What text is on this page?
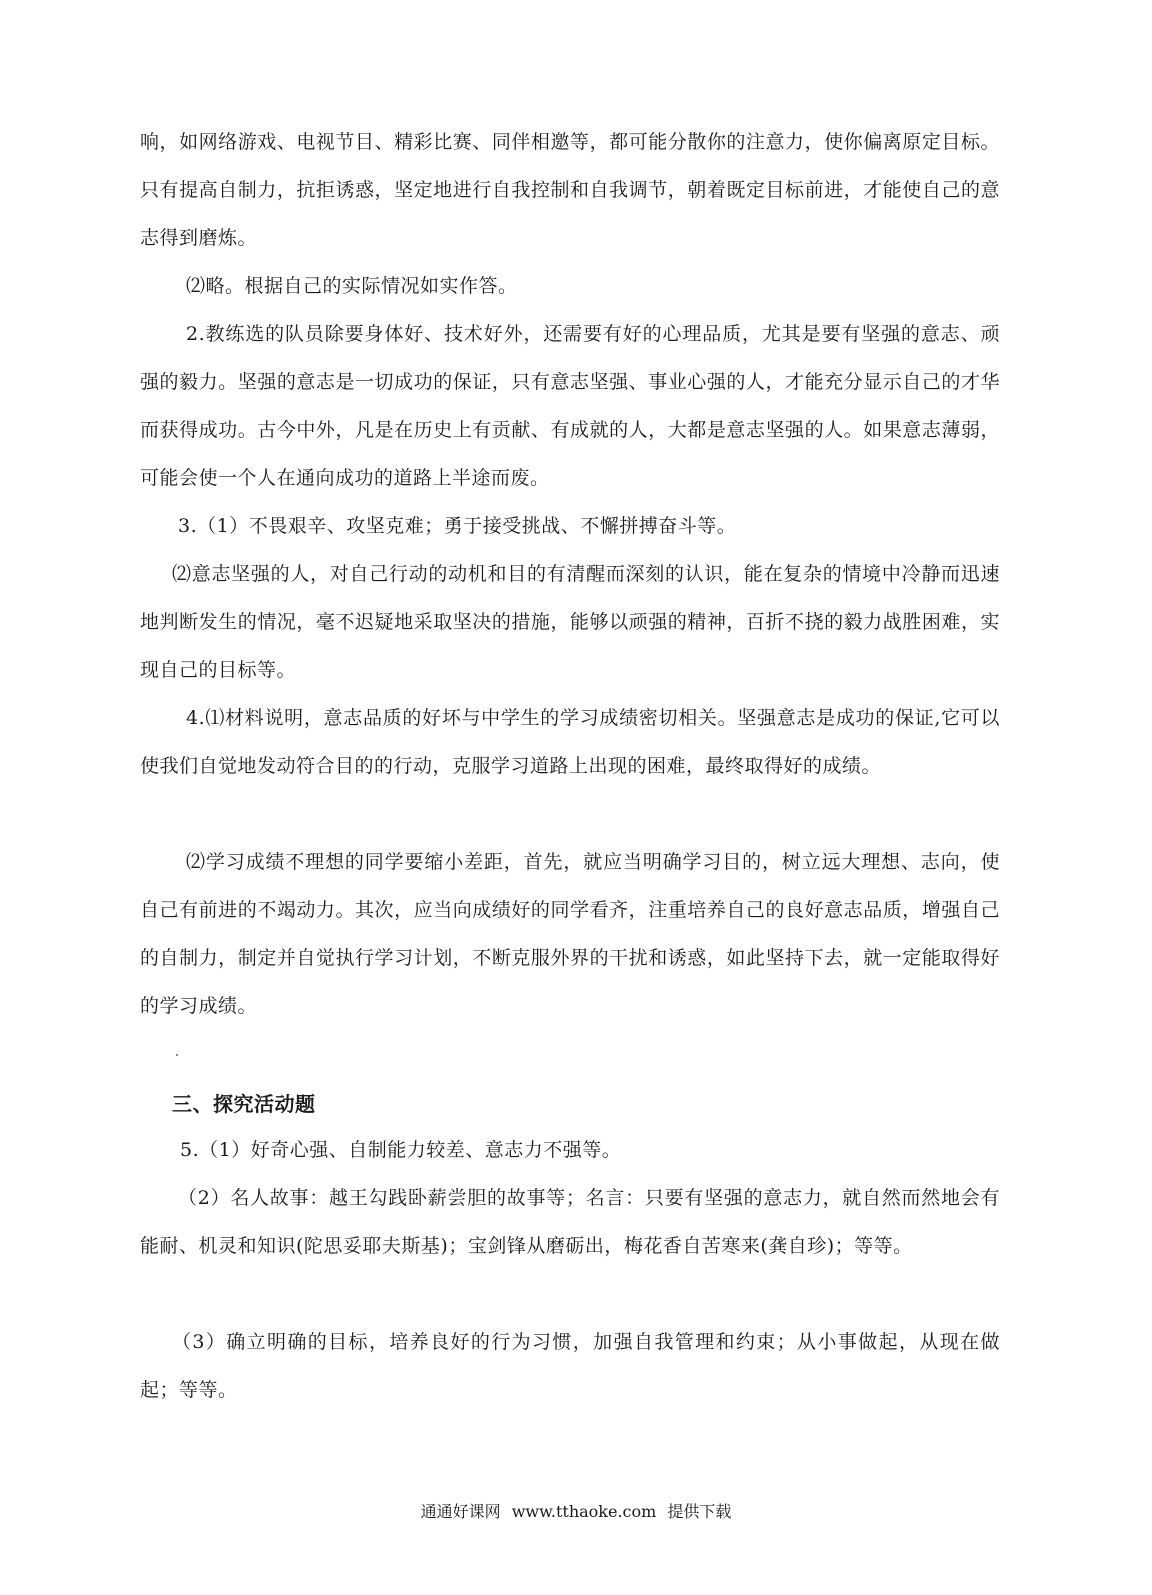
响，如网络游戏、电视节目、精彩比赛、同伴相邀等，都可能分散你的注意力，使你偏离原定目标。只有提高自制力，抗拒诱惑，坚定地进行自我控制和自我调节，朝着既定目标前进，才能使自己的意志得到磨炼。

⑵略。根据自己的实际情况如实作答。

2.教练选的队员除要身体好、技术好外，还需要有好的心理品质，尤其是要有坚强的意志、顽强的毅力。坚强的意志是一切成功的保证，只有意志坚强、事业心强的人，才能充分显示自己的才华而获得成功。古今中外，凡是在历史上有贡献、有成就的人，大都是意志坚强的人。如果意志薄弱，可能会使一个人在通向成功的道路上半途而废。

3.（1）不畏艰辛、攻坚克难；勇于接受挑战、不懈拼搏奋斗等。

⑵意志坚强的人，对自己行动的动机和目的有清醒而深刻的认识，能在复杂的情境中冷静而迅速地判断发生的情况，毫不迟疑地采取坚决的措施，能够以顽强的精神，百折不挠的毅力战胜困难，实现自己的目标等。

4.⑴材料说明，意志品质的好坏与中学生的学习成绩密切相关。坚强意志是成功的保证,它可以使我们自觉地发动符合目的的行动，克服学习道路上出现的困难，最终取得好的成绩。

⑵学习成绩不理想的同学要缩小差距，首先，就应当明确学习目的，树立远大理想、志向，使自己有前进的不竭动力。其次，应当向成绩好的同学看齐，注重培养自己的良好意志品质，增强自己的自制力，制定并自觉执行学习计划，不断克服外界的干扰和诱惑，如此坚持下去，就一定能取得好的学习成绩。

三、探究活动题

5.（1）好奇心强、自制能力较差、意志力不强等。

（2）名人故事：越王勾践卧薪尝胆的故事等；名言：只要有坚强的意志力，就自然而然地会有能耐、机灵和知识(陀思妥耶夫斯基)；宝剑锋从磨砺出，梅花香自苦寒来(龚自珍)；等等。

（3）确立明确的目标，培养良好的行为习惯，加强自我管理和约束；从小事做起，从现在做起；等等。

通通好课网 www.tthaoke.com 提供下载
